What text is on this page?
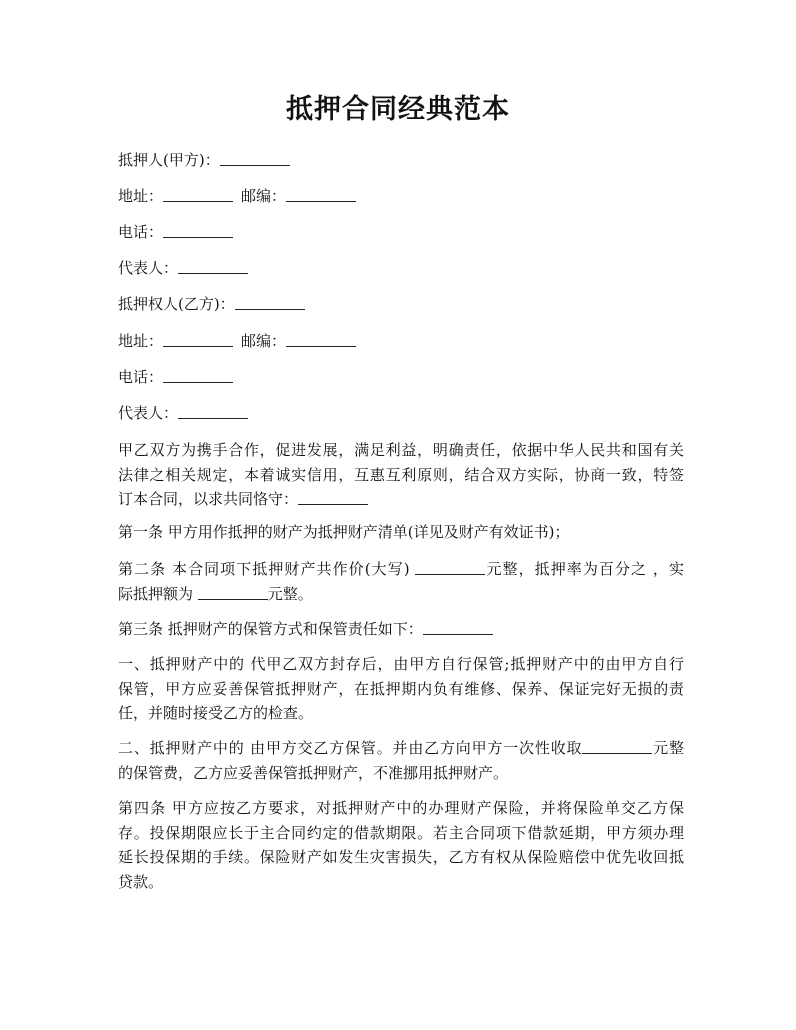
抵押合同经典范本
抵押人(甲方)：
地址：	邮编：
电话：
代表人：
抵押权人(乙方)：
地址：	邮编：
电话：
代表人：
甲乙双方为携手合作，促进发展，满足利益，明确责任，依据中华人民共和国有关
法律之相关规定，本着诚实信用，互惠互利原则，结合双方实际，协商一致，特签
订本合同，以求共同恪守：
第一条 甲方用作抵押的财产为抵押财产清单(详见及财产有效证书)；
第二条 本合同项下抵押财产共作价(大写)	元整，抵押率为百分之 ，实
际抵押额为	元整。
第三条 抵押财产的保管方式和保管责任如下：
一、抵押财产中的 代甲乙双方封存后，由甲方自行保管;抵押财产中的由甲方自行
保管，甲方应妥善保管抵押财产，在抵押期内负有维修、保养、保证完好无损的责
任，并随时接受乙方的检查。
二、抵押财产中的 由甲方交乙方保管。并由乙方向甲方一次性收取	元整
的保管费，乙方应妥善保管抵押财产，不准挪用抵押财产。
第四条 甲方应按乙方要求，对抵押财产中的办理财产保险，并将保险单交乙方保
存。投保期限应长于主合同约定的借款期限。若主合同项下借款延期，甲方须办理
延长投保期的手续。保险财产如发生灾害损失，乙方有权从保险赔偿中优先收回抵
贷款。
